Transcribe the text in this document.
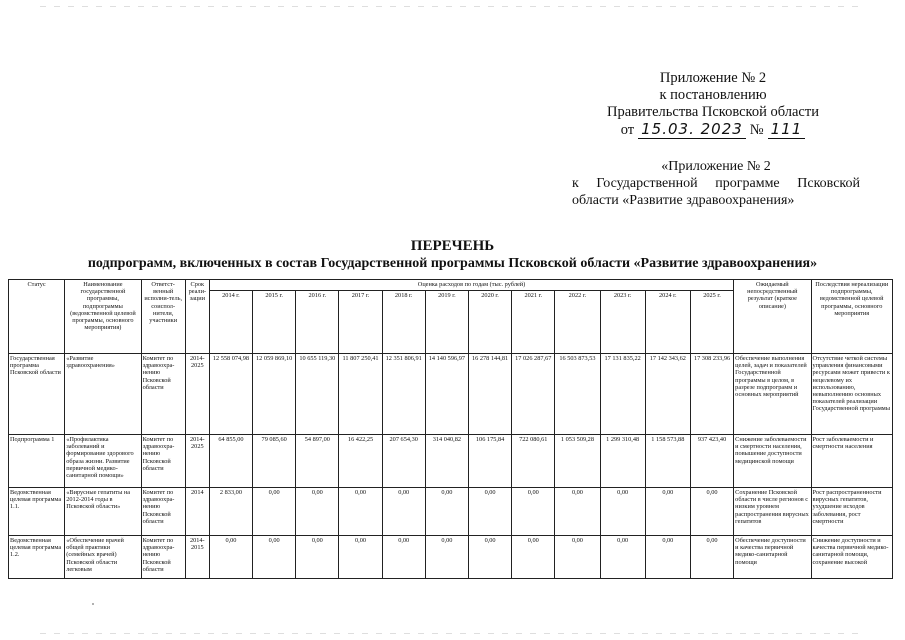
Приложение № 2
к постановлению
Правительства Псковской области
от 15.03. 2023 № 111
«Приложение № 2
к Государственной программе Псковской
области «Развитие здравоохранения»
ПЕРЕЧЕНЬ
подпрограмм, включенных в состав Государственной программы Псковской области «Развитие здравоохранения»
Статус	Наименование государственной программы, подпрограммы (ведомственной целевой программы, основного мероприятия)	Ответст-венный исполни-тель, соиспол-нители, участники	Срок реали-зации	Оценка расходов по годам (тыс. рублей)												Ожидаемый непосредственный результат (краткое описание)	Последствия нереализации подпрограммы, ведомственной целевой программы, основного мероприятия
				2014 г.	2015 г.	2016 г.	2017 г.	2018 г.	2019 г.	2020 г.	2021 г.	2022 г.	2023 г.	2024 г.	2025 г.		
Государственная программа Псковской области	«Развитие здравоохранения»	Комитет по здравоохра-нению Псковской области	2014-2025	12 558 074,98	12 059 869,10	10 655 119,30	11 807 250,41	12 351 806,91	14 140 596,97	16 278 144,81	17 026 287,67	16 503 873,53	17 131 835,22	17 142 343,62	17 308 233,96	Обеспечение выполнения целей, задач и показателей Государственной программы в целом, в разрезе подпрограмм и основных мероприятий	Отсутствие четкой системы управления финансовыми ресурсами может привести к нецелевому их использованию, невыполнению основных показателей реализации Государственной программы
Подпрограмма 1	«Профилактика заболеваний и формирование здорового образа жизни. Развитие первичной медико-санитарной помощи»	Комитет по здравоохра-нению Псковской области	2014-2025	64 855,00	79 085,60	54 897,00	16 422,25	207 654,30	314 040,82	106 175,84	722 080,61	1 053 509,28	1 299 310,48	1 158 573,88	937 423,40	Снижение заболеваемости и смертности населения, повышение доступности медицинской помощи	Рост заболеваемости и смертности населения
Ведомственная целевая программа 1.1.	«Вирусные гепатиты на 2012-2014 годы в Псковской области»	Комитет по здравоохра-нению Псковской области	2014	2 833,00	0,00	0,00	0,00	0,00	0,00	0,00	0,00	0,00	0,00	0,00	0,00	Сохранение Псковской области в числе регионов с низким уровнем распространения вирусных гепатитов	Рост распространенности вирусных гепатитов, ухудшение исходов заболевания, рост смертности
Ведомственная целевая программа 1.2.	«Обеспечение врачей общей практики (семейных врачей) Псковской области легковым	Комитет по здравоохра-нению Псковской области	2014-2015	0,00	0,00	0,00	0,00	0,00	0,00	0,00	0,00	0,00	0,00	0,00	0,00	Обеспечение доступности и качества первичной медико-санитарной помощи	Снижение доступности и качества первичной медико-санитарной помощи, сохранение высокой
